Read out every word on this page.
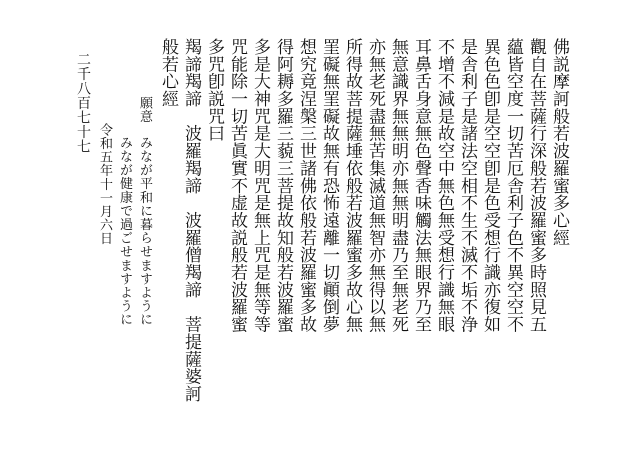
佛説摩訶般若波羅蜜多心經
觀自在菩薩行深般若波羅蜜多時照見五
蘊皆空度一切苦厄舎利子色不異空空不
異色色卽是空空卽是色受想行識亦復如
是舎利子是諸法空相不生不滅不垢不浄
不增不減是故空中無色無受想行識無眼
耳鼻舌身意無色聲香味觸法無眼界乃至
無意識界無無明亦無無明盡乃至無老死
亦無老死盡無苦集滅道無智亦無得以無
所得故菩提薩埵依般若波羅蜜多故心無
罣礙無罣礙故無有恐怖遠離一切顚倒夢
想究竟涅槃三世諸佛依般若波羅蜜多故
得阿耨多羅三藐三菩提故知般若波羅蜜
多是大神咒是大明咒是無上咒是無等等
咒能除一切苦眞實不虚故説般若波羅蜜
多咒卽説咒曰
羯諦羯諦　波羅羯諦　波羅僧羯諦　菩提薩婆訶
般若心經
願意
みなが平和に暮らせますように
みなが健康で過ごせますように
令和五年十一月六日
二千八百七十七
